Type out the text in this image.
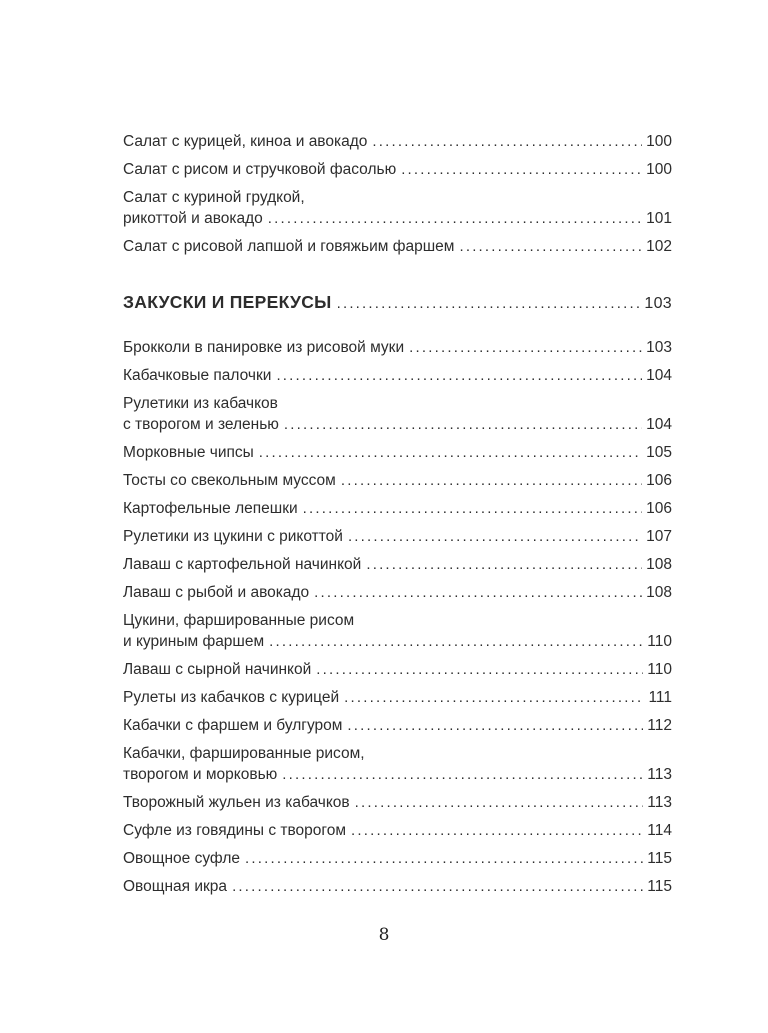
Салат с курицей, киноа и авокадо .....	100
Салат с рисом и стручковой фасолью .....	100
Салат с куриной грудкой,
рикоттой и авокадо .....	101
Салат с рисовой лапшой и говяжьим фаршем .....	102
ЗАКУСКИ И ПЕРЕКУСЫ .....	103
Брокколи в панировке из рисовой муки .....	103
Кабачковые палочки .....	104
Рулетики из кабачков
с творогом и зеленью .....	104
Морковные чипсы .....	105
Тосты со свекольным муссом .....	106
Картофельные лепешки .....	106
Рулетики из цукини с рикоттой .....	107
Лаваш с картофельной начинкой .....	108
Лаваш с рыбой и авокадо .....	108
Цукини, фаршированные рисом
и куриным фаршем .....	110
Лаваш с сырной начинкой .....	110
Рулеты из кабачков с курицей .....	111
Кабачки с фаршем и булгуром .....	112
Кабачки, фаршированные рисом,
творогом и морковью .....	113
Творожный жульен из кабачков .....	113
Суфле из говядины с творогом .....	114
Овощное суфле .....	115
Овощная икра .....	115
8
